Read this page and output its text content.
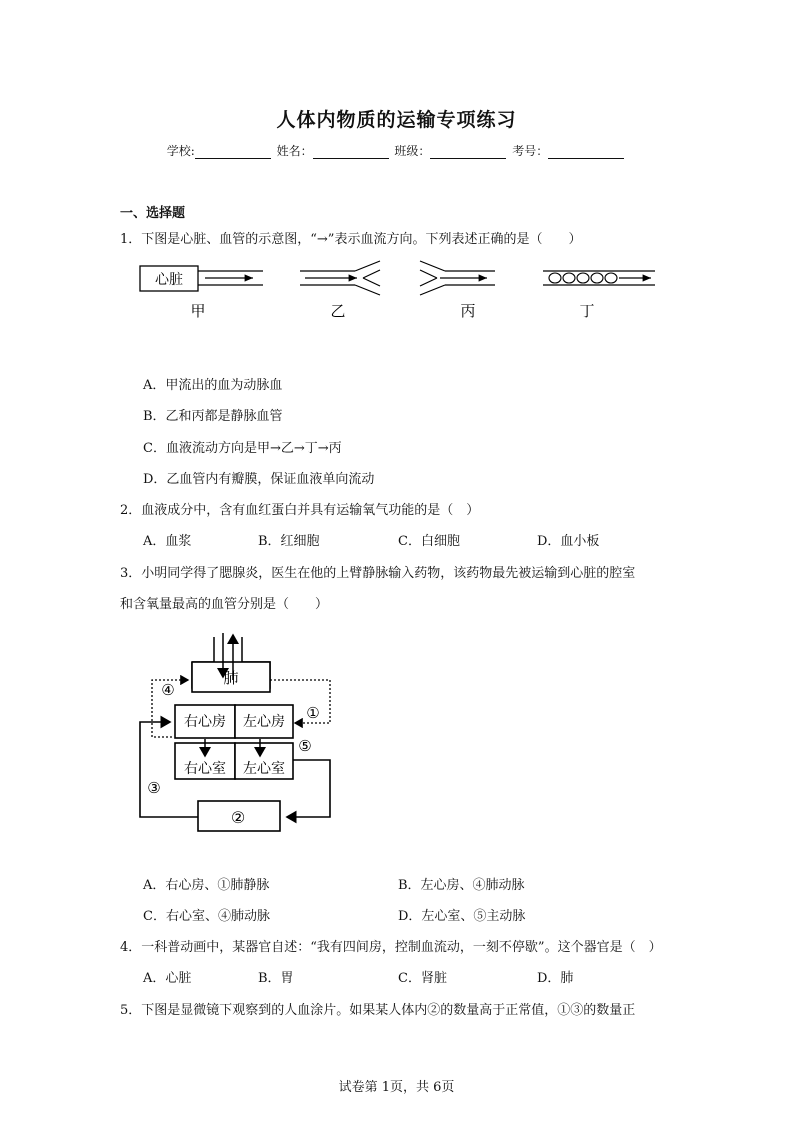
人体内物质的运输专项练习
学校:	姓名：	班级：	考号：
一、选择题
1．下图是心脏、血管的示意图，“→”表示血流方向。下列表述正确的是（　　）
心脏
甲	乙	丙	丁
A．甲流出的血为动脉血
B．乙和丙都是静脉血管
C．血液流动方向是甲→乙→丁→丙
D．乙血管内有瓣膜，保证血液单向流动
2．血液成分中，含有血红蛋白并具有运输氧气功能的是（　）
A．血浆	B．红细胞	C．白细胞	D．血小板
3．小明同学得了腮腺炎，医生在他的上臂静脉输入药物，该药物最先被运输到心脏的腔室
和含氧量最高的血管分别是（　　）
肺
右心房 左心房
右心室 左心室
④
①
⑤
③
②
A．右心房、①肺静脉	B．左心房、④肺动脉
C．右心室、④肺动脉	D．左心室、⑤主动脉
4．一科普动画中，某器官自述：“我有四间房，控制血流动，一刻不停歇”。这个器官是（　）
A．心脏	B．胃	C．肾脏	D．肺
5．下图是显微镜下观察到的人血涂片。如果某人体内②的数量高于正常值，①③的数量正
试卷第 1页，共 6页
